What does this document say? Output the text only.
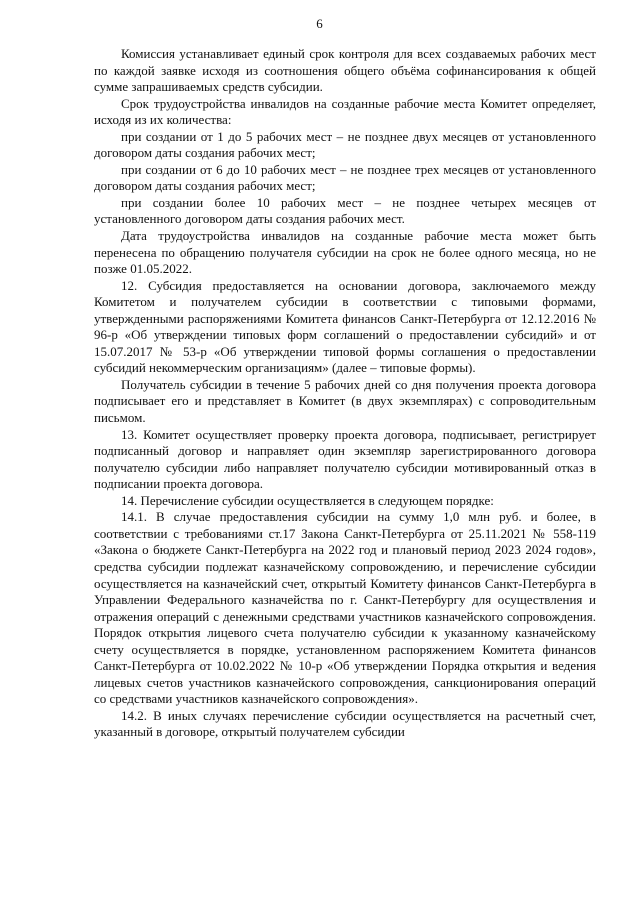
6

Комиссия устанавливает единый срок контроля для всех создаваемых рабочих мест по каждой заявке исходя из соотношения общего объёма софинансирования к общей сумме запрашиваемых средств субсидии.

Срок трудоустройства инвалидов на созданные рабочие места Комитет определяет, исходя из их количества:

при создании от 1 до 5 рабочих мест – не позднее двух месяцев от установленного договором даты создания рабочих мест;

при создании от 6 до 10 рабочих мест – не позднее трех месяцев от установленного договором даты создания рабочих мест;

при создании более 10 рабочих мест – не позднее четырех месяцев от установленного договором даты создания рабочих мест.

Дата трудоустройства инвалидов на созданные рабочие места может быть перенесена по обращению получателя субсидии на срок не более одного месяца, но не позже 01.05.2022.

12. Субсидия предоставляется на основании договора, заключаемого между Комитетом и получателем субсидии в соответствии с типовыми формами, утвержденными распоряжениями Комитета финансов Санкт-Петербурга от 12.12.2016 № 96-р «Об утверждении типовых форм соглашений о предоставлении субсидий» и от 15.07.2017 № 53-р «Об утверждении типовой формы соглашения о предоставлении субсидий некоммерческим организациям» (далее – типовые формы).

Получатель субсидии в течение 5 рабочих дней со дня получения проекта договора подписывает его и представляет в Комитет (в двух экземплярах) с сопроводительным письмом.

13. Комитет осуществляет проверку проекта договора, подписывает, регистрирует подписанный договор и направляет один экземпляр зарегистрированного договора получателю субсидии либо направляет получателю субсидии мотивированный отказ в подписании проекта договора.

14. Перечисление субсидии осуществляется в следующем порядке:

14.1. В случае предоставления субсидии на сумму 1,0 млн руб. и более, в соответствии с требованиями ст.17 Закона Санкт-Петербурга от 25.11.2021 № 558-119 «Закона о бюджете Санкт-Петербурга на 2022 год и плановый период 2023 2024 годов», средства субсидии подлежат казначейскому сопровождению, и перечисление субсидии осуществляется на казначейский счет, открытый Комитету финансов Санкт-Петербурга в Управлении Федерального казначейства по г. Санкт-Петербургу для осуществления и отражения операций с денежными средствами участников казначейского сопровождения. Порядок открытия лицевого счета получателю субсидии к указанному казначейскому счету осуществляется в порядке, установленном распоряжением Комитета финансов Санкт-Петербурга от 10.02.2022 № 10-р «Об утверждении Порядка открытия и ведения лицевых счетов участников казначейского сопровождения, санкционирования операций со средствами участников казначейского сопровождения».

14.2. В иных случаях перечисление субсидии осуществляется на расчетный счет, указанный в договоре, открытый получателем субсидии
